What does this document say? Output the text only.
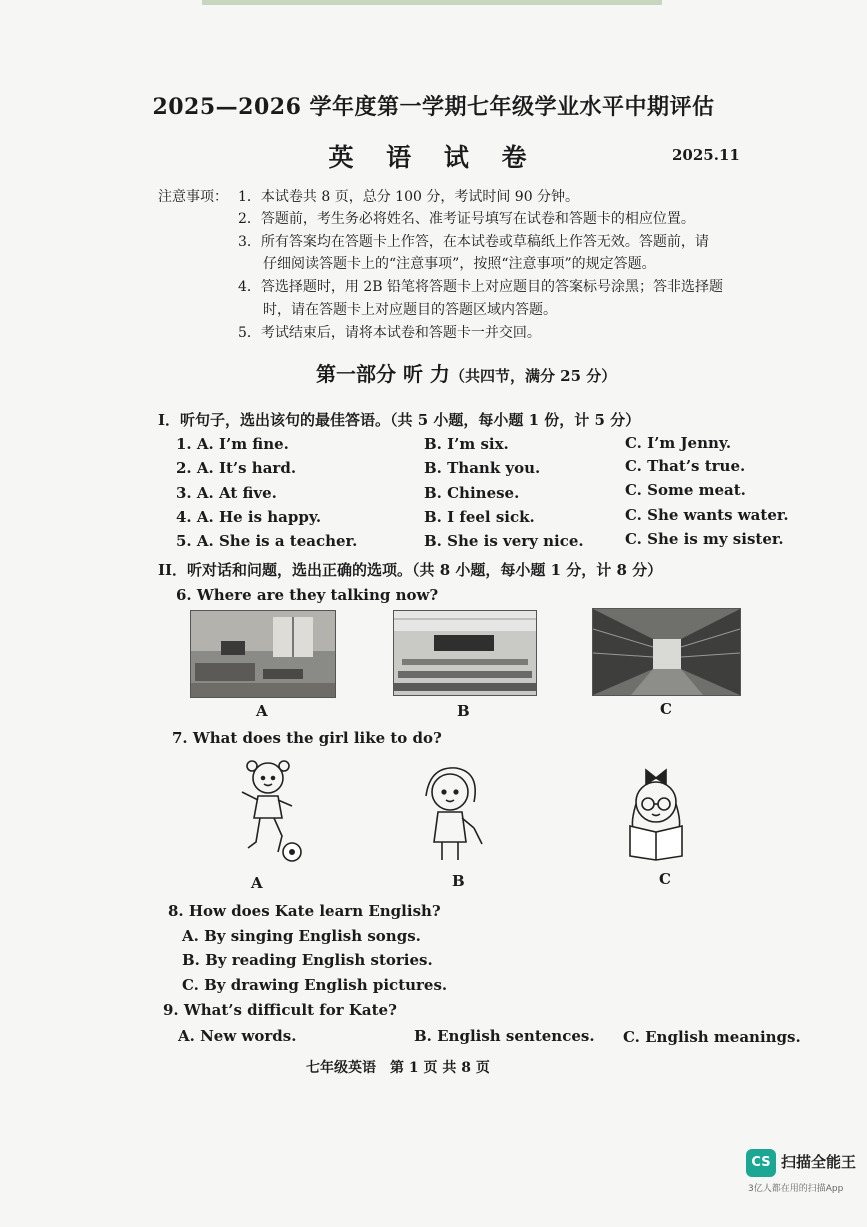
2025—2026 学年度第一学期七年级学业水平中期评估
英 语 试 卷	2025.11
注意事项： 1．本试卷共 8 页，总分 100 分，考试时间 90 分钟。
2．答题前，考生务必将姓名、准考证号填写在试卷和答题卡的相应位置。
3．所有答案均在答题卡上作答，在本试卷或草稿纸上作答无效。答题前，请
仔细阅读答题卡上的“注意事项”，按照“注意事项”的规定答题。
4．答选择题时，用 2B 铅笔将答题卡上对应题目的答案标号涂黑；答非选择题
时，请在答题卡上对应题目的答题区域内答题。
5．考试结束后，请将本试卷和答题卡一并交回。
第一部分 听 力（共四节，满分 25 分）
I．听句子，选出该句的最佳答语。（共 5 小题，每小题 1 份，计 5 分）
1. A. I’m fine.	B. I’m six.	C. I’m Jenny.
2. A. It’s hard.	B. Thank you.	C. That’s true.
3. A. At five.	B. Chinese.	C. Some meat.
4. A. He is happy.	B. I feel sick.	C. She wants water.
5. A. She is a teacher.	B. She is very nice.	C. She is my sister.
II．听对话和问题，选出正确的选项。（共 8 小题，每小题 1 分，计 8 分）
6. Where are they talking now?
A	B	C
7. What does the girl like to do?
A	B	C
8. How does Kate learn English?
A. By singing English songs.
B. By reading English stories.
C. By drawing English pictures.
9. What’s difficult for Kate?
A. New words.	B. English sentences. C. English meanings.
七年级英语　第 1 页 共 8 页
CS 扫描全能王
3亿人都在用的扫描App
